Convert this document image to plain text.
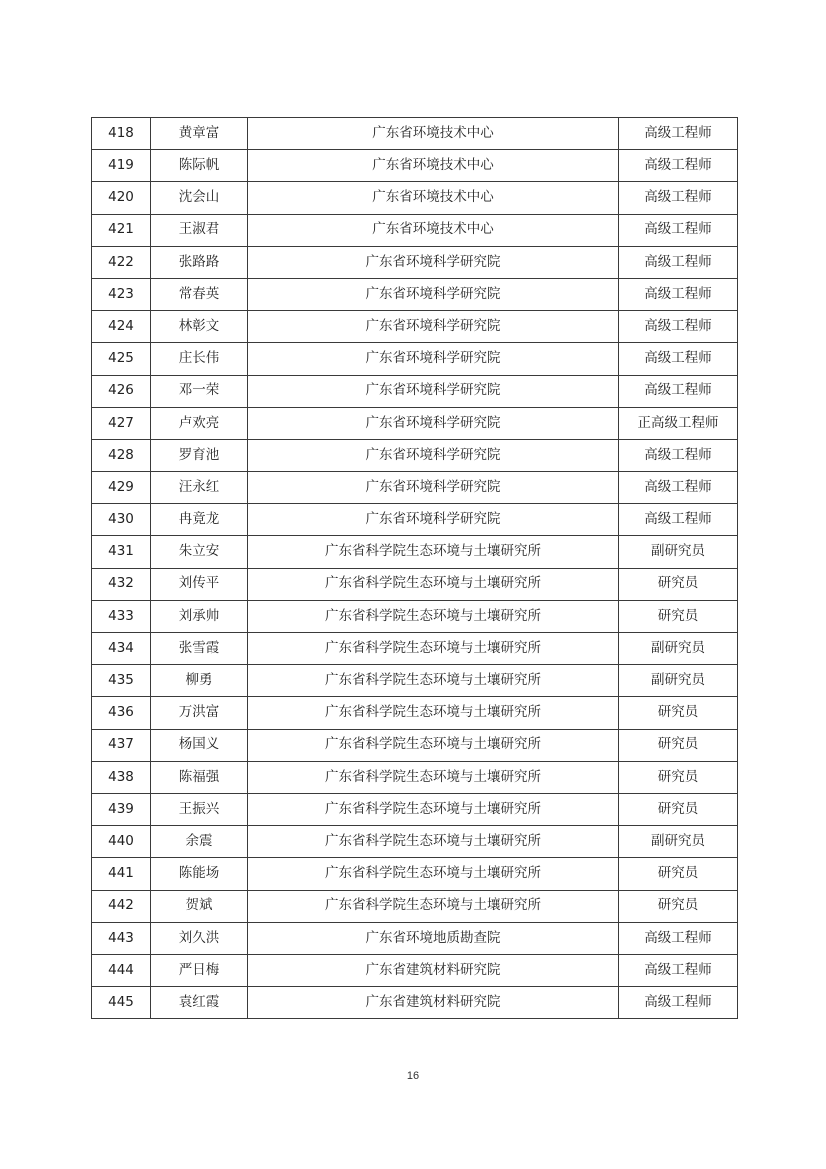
418	黄章富	广东省环境技术中心	高级工程师
419	陈际帆	广东省环境技术中心	高级工程师
420	沈会山	广东省环境技术中心	高级工程师
421	王淑君	广东省环境技术中心	高级工程师
422	张路路	广东省环境科学研究院	高级工程师
423	常春英	广东省环境科学研究院	高级工程师
424	林彰文	广东省环境科学研究院	高级工程师
425	庄长伟	广东省环境科学研究院	高级工程师
426	邓一荣	广东省环境科学研究院	高级工程师
427	卢欢亮	广东省环境科学研究院	正高级工程师
428	罗育池	广东省环境科学研究院	高级工程师
429	汪永红	广东省环境科学研究院	高级工程师
430	冉竟龙	广东省环境科学研究院	高级工程师
431	朱立安	广东省科学院生态环境与土壤研究所	副研究员
432	刘传平	广东省科学院生态环境与土壤研究所	研究员
433	刘承帅	广东省科学院生态环境与土壤研究所	研究员
434	张雪霞	广东省科学院生态环境与土壤研究所	副研究员
435	柳勇	广东省科学院生态环境与土壤研究所	副研究员
436	万洪富	广东省科学院生态环境与土壤研究所	研究员
437	杨国义	广东省科学院生态环境与土壤研究所	研究员
438	陈福强	广东省科学院生态环境与土壤研究所	研究员
439	王振兴	广东省科学院生态环境与土壤研究所	研究员
440	余震	广东省科学院生态环境与土壤研究所	副研究员
441	陈能场	广东省科学院生态环境与土壤研究所	研究员
442	贺斌	广东省科学院生态环境与土壤研究所	研究员
443	刘久洪	广东省环境地质勘查院	高级工程师
444	严日梅	广东省建筑材料研究院	高级工程师
445	袁红霞	广东省建筑材料研究院	高级工程师
16
